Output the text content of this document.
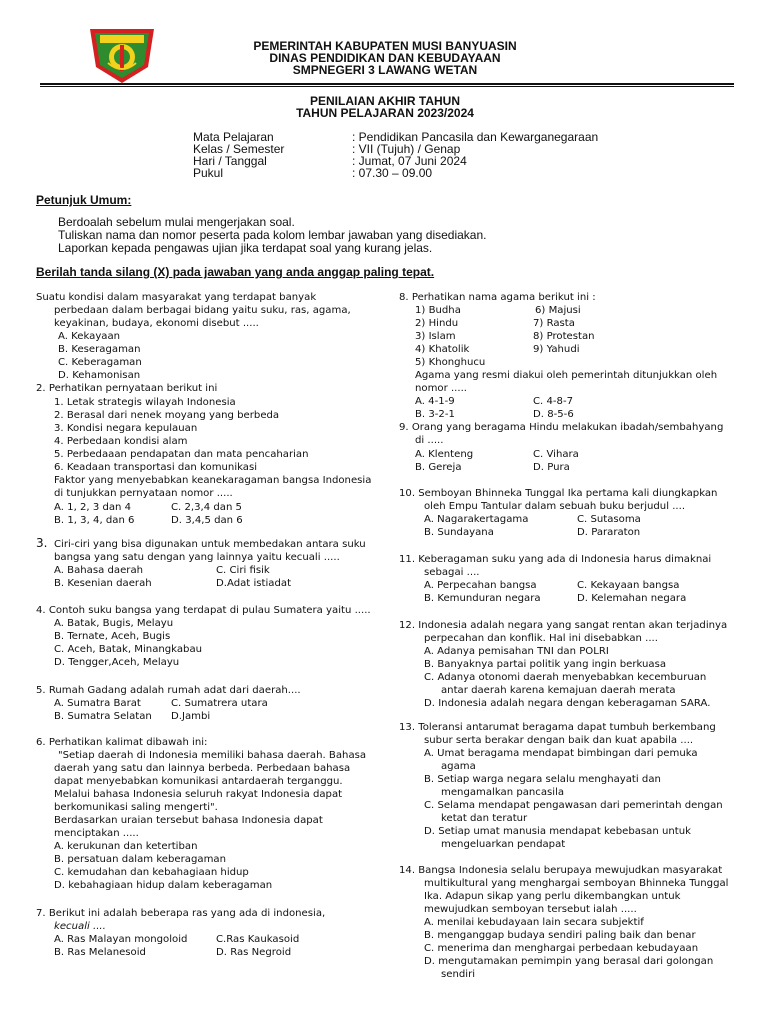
PEMERINTAH KABUPATEN MUSI BANYUASIN
DINAS PENDIDIKAN DAN KEBUDAYAAN
SMPNEGERI 3 LAWANG WETAN
PENILAIAN AKHIR TAHUN
TAHUN PELAJARAN 2023/2024
Mata Pelajaran	: Pendidikan Pancasila dan Kewarganegaraan
Kelas / Semester	: VII (Tujuh) / Genap
Hari / Tanggal	: Jumat, 07 Juni 2024
Pukul	: 07.30 – 09.00
Petunjuk Umum:
Berdoalah sebelum mulai mengerjakan soal.
Tuliskan nama dan nomor peserta pada kolom lembar jawaban yang disediakan.
Laporkan kepada pengawas ujian jika terdapat soal yang kurang jelas.
Berilah tanda silang (X) pada jawaban yang anda anggap paling tepat.
Suatu kondisi dalam masyarakat yang terdapat banyak
perbedaan dalam berbagai bidang yaitu suku, ras, agama,
keyakinan, budaya, ekonomi disebut .....
A. Kekayaan
B. Keseragaman
C. Keberagaman
D. Kehamonisan
2. Perhatikan pernyataan berikut ini
1. Letak strategis wilayah Indonesia
2. Berasal dari nenek moyang yang berbeda
3. Kondisi negara kepulauan
4. Perbedaan kondisi alam
5. Perbedaaan pendapatan dan mata pencaharian
6. Keadaan transportasi dan komunikasi
Faktor yang menyebabkan keanekaragaman bangsa Indonesia
di tunjukkan pernyataan nomor .....
A. 1, 2, 3 dan 4	C. 2,3,4 dan 5
B. 1, 3, 4, dan 6	D. 3,4,5 dan 6
3. Ciri-ciri yang bisa digunakan untuk membedakan antara suku
bangsa yang satu dengan yang lainnya yaitu kecuali .....
A. Bahasa daerah	C. Ciri fisik
B. Kesenian daerah	D.Adat istiadat
4. Contoh suku bangsa yang terdapat di pulau Sumatera yaitu .....
A. Batak, Bugis, Melayu
B. Ternate, Aceh, Bugis
C. Aceh, Batak, Minangkabau
D. Tengger,Aceh, Melayu
5. Rumah Gadang adalah rumah adat dari daerah....
A. Sumatra Barat	C. Sumatrera utara
B. Sumatra Selatan D.Jambi
6. Perhatikan kalimat dibawah ini:
"Setiap daerah di Indonesia memiliki bahasa daerah. Bahasa
daerah yang satu dan lainnya berbeda. Perbedaan bahasa
dapat menyebabkan komunikasi antardaerah terganggu.
Melalui bahasa Indonesia seluruh rakyat Indonesia dapat
berkomunikasi saling mengerti".
Berdasarkan uraian tersebut bahasa Indonesia dapat
menciptakan .....
A. kerukunan dan ketertiban
B. persatuan dalam keberagaman
C. kemudahan dan kebahagiaan hidup
D. kebahagiaan hidup dalam keberagaman
7. Berikut ini adalah beberapa ras yang ada di indonesia,
kecuali ....
A. Ras Malayan mongoloid	C.Ras Kaukasoid
B. Ras Melanesoid	D. Ras Negroid
8. Perhatikan nama agama berikut ini :
1) Budha	6) Majusi
2) Hindu	7) Rasta
3) Islam	8) Protestan
4) Khatolik	9) Yahudi
5) Khonghucu
Agama yang resmi diakui oleh pemerintah ditunjukkan oleh
nomor .....
A. 4-1-9	C. 4-8-7
B. 3-2-1	D. 8-5-6
9. Orang yang beragama Hindu melakukan ibadah/sembahyang
di .....
A. Klenteng	C. Vihara
B. Gereja	D. Pura
10. Semboyan Bhinneka Tunggal Ika pertama kali diungkapkan
oleh Empu Tantular dalam sebuah buku berjudul ....
A. Nagarakertagama	C. Sutasoma
B. Sundayana	D. Pararaton
11. Keberagaman suku yang ada di Indonesia harus dimaknai
sebagai ....
A. Perpecahan bangsa	C. Kekayaan bangsa
B. Kemunduran negara	D. Kelemahan negara
12. Indonesia adalah negara yang sangat rentan akan terjadinya
perpecahan dan konflik. Hal ini disebabkan ....
A. Adanya pemisahan TNI dan POLRI
B. Banyaknya partai politik yang ingin berkuasa
C. Adanya otonomi daerah menyebabkan kecemburuan
antar daerah karena kemajuan daerah merata
D. Indonesia adalah negara dengan keberagaman SARA.
13. Toleransi antarumat beragama dapat tumbuh berkembang
subur serta berakar dengan baik dan kuat apabila ....
A. Umat beragama mendapat bimbingan dari pemuka
agama
B. Setiap warga negara selalu menghayati dan
mengamalkan pancasila
C. Selama mendapat pengawasan dari pemerintah dengan
ketat dan teratur
D. Setiap umat manusia mendapat kebebasan untuk
mengeluarkan pendapat
14. Bangsa Indonesia selalu berupaya mewujudkan masyarakat
multikultural yang menghargai semboyan Bhinneka Tunggal
Ika. Adapun sikap yang perlu dikembangkan untuk
mewujudkan semboyan tersebut ialah .....
A. menilai kebudayaan lain secara subjektif
B. menganggap budaya sendiri paling baik dan benar
C. menerima dan menghargai perbedaan kebudayaan
D. mengutamakan pemimpin yang berasal dari golongan
sendiri
